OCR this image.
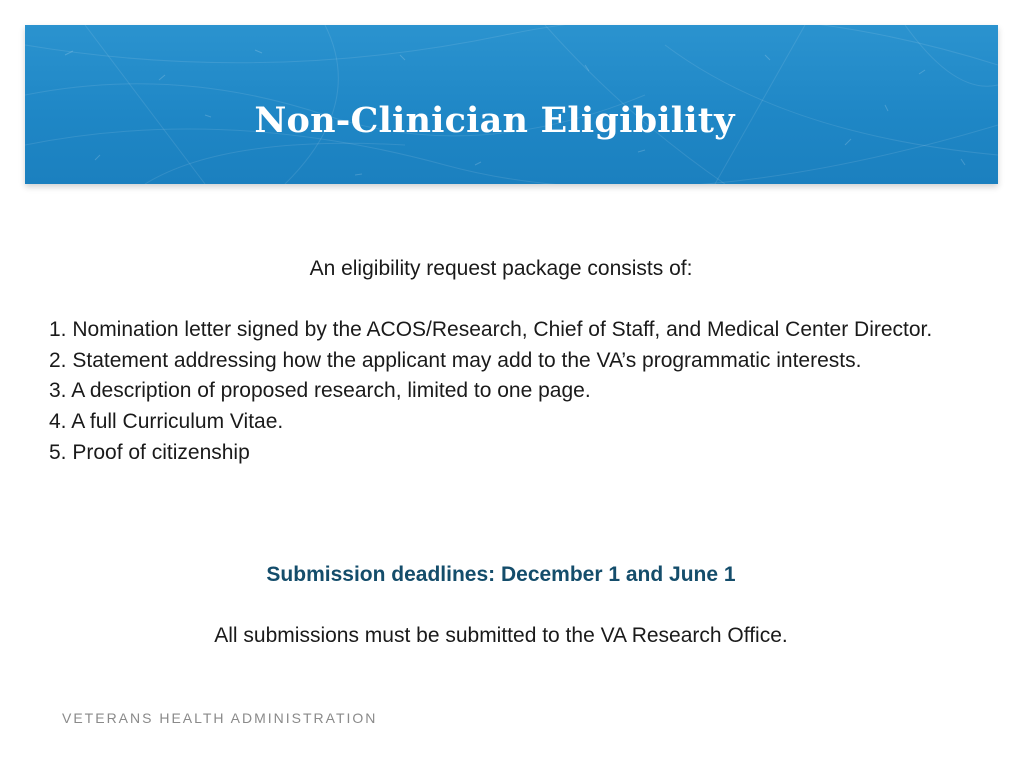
Non-Clinician Eligibility
An eligibility request package consists of:
1. Nomination letter signed by the ACOS/Research, Chief of Staff, and Medical Center Director.
2. Statement addressing how the applicant may add to the VA’s programmatic interests.
3. A description of proposed research, limited to one page.
4. A full Curriculum Vitae.
5. Proof of citizenship
Submission deadlines: December 1 and June 1
All submissions must be submitted to the VA Research Office.
VETERANS HEALTH ADMINISTRATION
